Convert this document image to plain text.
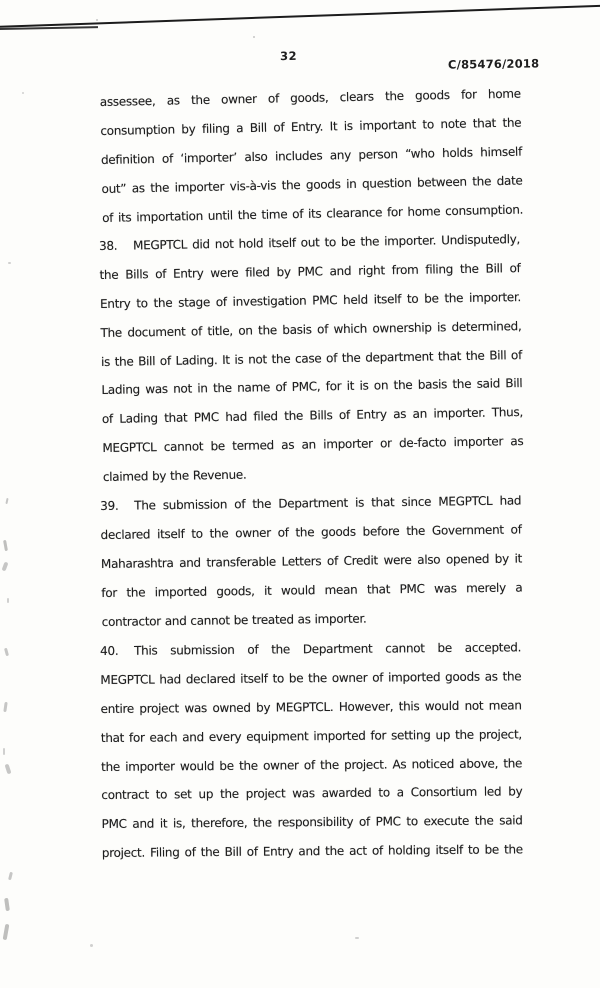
32
C/85476/2018
assessee, as the owner of goods, clears the goods for home
consumption by filing a Bill of Entry. It is important to note that the
definition of ‘importer’ also includes any person “who holds himself
out” as the importer vis-à-vis the goods in question between the date
of its importation until the time of its clearance for home consumption.
38. MEGPTCL did not hold itself out to be the importer. Undisputedly,
the Bills of Entry were filed by PMC and right from filing the Bill of
Entry to the stage of investigation PMC held itself to be the importer.
The document of title, on the basis of which ownership is determined,
is the Bill of Lading. It is not the case of the department that the Bill of
Lading was not in the name of PMC, for it is on the basis the said Bill
of Lading that PMC had filed the Bills of Entry as an importer. Thus,
MEGPTCL cannot be termed as an importer or de-facto importer as
claimed by the Revenue.
39. The submission of the Department is that since MEGPTCL had
declared itself to the owner of the goods before the Government of
Maharashtra and transferable Letters of Credit were also opened by it
for the imported goods, it would mean that PMC was merely a
contractor and cannot be treated as importer.
40. This submission of the Department cannot be accepted.
MEGPTCL had declared itself to be the owner of imported goods as the
entire project was owned by MEGPTCL. However, this would not mean
that for each and every equipment imported for setting up the project,
the importer would be the owner of the project. As noticed above, the
contract to set up the project was awarded to a Consortium led by
PMC and it is, therefore, the responsibility of PMC to execute the said
project. Filing of the Bill of Entry and the act of holding itself to be the
